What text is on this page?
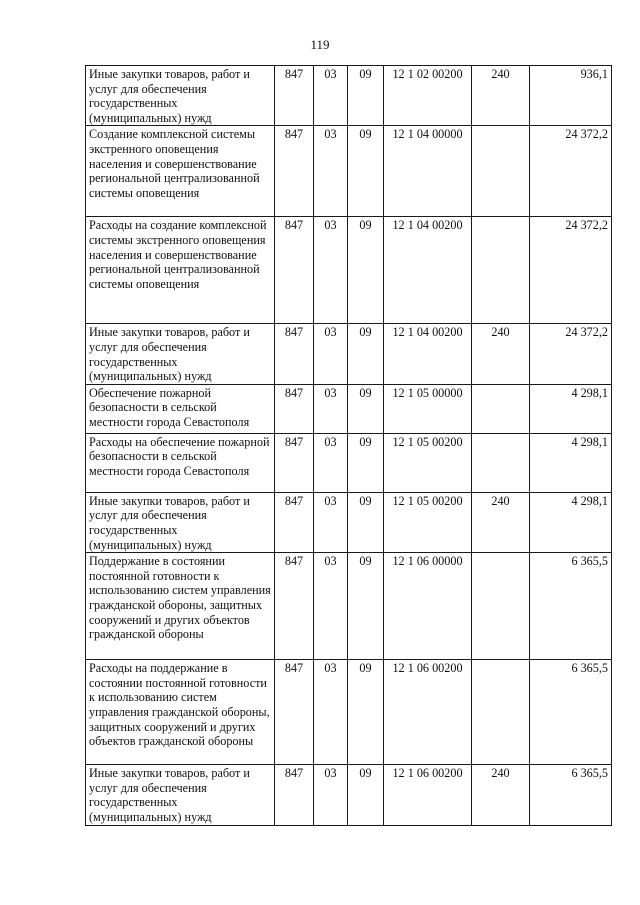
119
Иные закупки товаров, работ и услуг для обеспечения государственных (муниципальных) нужд	847	03	09	12 1 02 00200	240	936,1
Создание комплексной системы экстренного оповещения населения и совершенствование региональной централизованной системы оповещения	847	03	09	12 1 04 00000		24 372,2
Расходы на создание комплексной системы экстренного оповещения населения и совершенствование региональной централизованной системы оповещения	847	03	09	12 1 04 00200		24 372,2
Иные закупки товаров, работ и услуг для обеспечения государственных (муниципальных) нужд	847	03	09	12 1 04 00200	240	24 372,2
Обеспечение пожарной безопасности в сельской местности города Севастополя	847	03	09	12 1 05 00000		4 298,1
Расходы на обеспечение пожарной безопасности в сельской местности города Севастополя	847	03	09	12 1 05 00200		4 298,1
Иные закупки товаров, работ и услуг для обеспечения государственных (муниципальных) нужд	847	03	09	12 1 05 00200	240	4 298,1
Поддержание в состоянии постоянной готовности к использованию систем управления гражданской обороны, защитных сооружений и других объектов гражданской обороны	847	03	09	12 1 06 00000		6 365,5
Расходы на поддержание в состоянии постоянной готовности к использованию систем управления гражданской обороны, защитных сооружений и других объектов гражданской обороны	847	03	09	12 1 06 00200		6 365,5
Иные закупки товаров, работ и услуг для обеспечения государственных (муниципальных) нужд	847	03	09	12 1 06 00200	240	6 365,5
